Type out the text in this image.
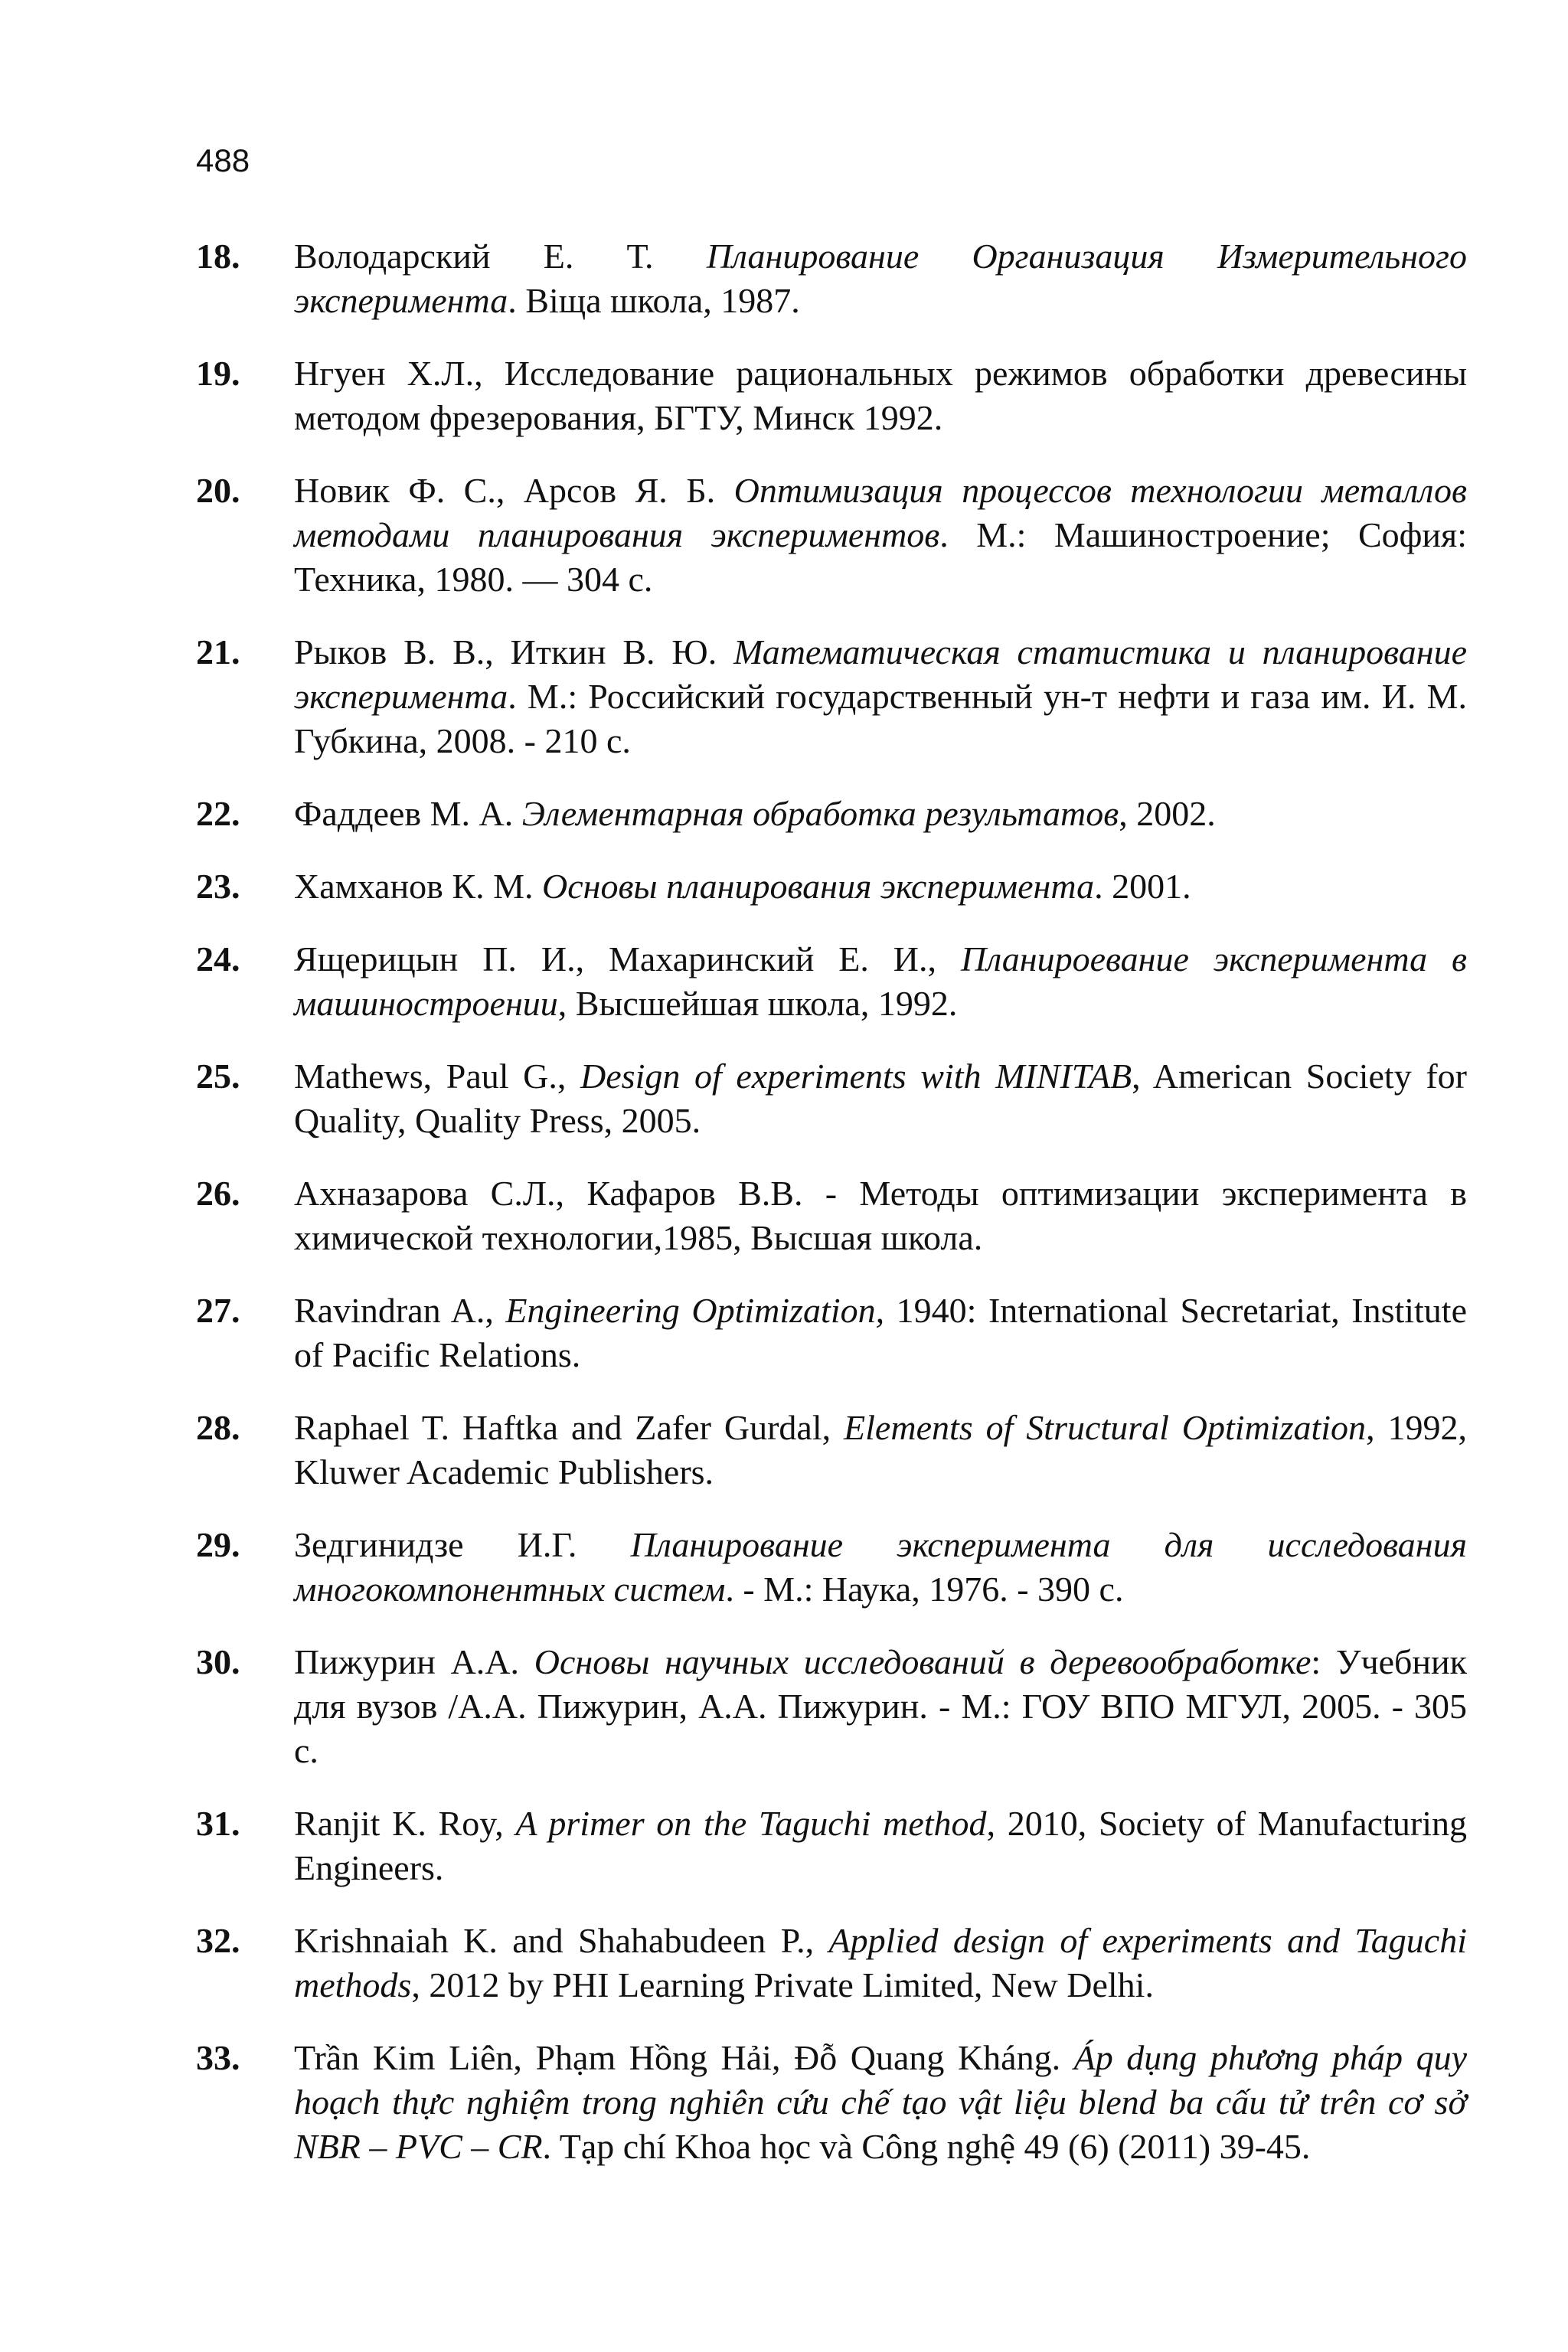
488
18.	Володарский Е. Т. Планирование Организация Измерительного эксперимента. Віща школа, 1987.
19.	Нгуен Х.Л., Исследование рациональных режимов обработки древесины методом фрезерования, БГТУ, Минск 1992.
20.	Новик Ф. С., Арсов Я. Б. Оптимизация процессов технологии металлов методами планирования экспериментов. М.: Машиностроение; София: Техника, 1980. — 304 с.
21.	Рыков В. В., Иткин В. Ю. Математическая статистика и планирование эксперимента. М.: Российский государственный ун-т нефти и газа им. И. М. Губкина, 2008. - 210 с.
22.	Фаддеев М. А. Элементарная обработка результатов, 2002.
23.	Хамханов К. М. Основы планирования эксперимента. 2001.
24.	Ящерицын П. И., Махаринский Е. И., Планироевание эксперимента в машиностроении, Высшейшая школа, 1992.
25.	Mathews, Paul G., Design of experiments with MINITAB, American Society for Quality, Quality Press, 2005.
26.	Ахназарова С.Л., Кафаров В.В. - Методы оптимизации эксперимента в химической технологии,1985, Высшая школа.
27.	Ravindran A., Engineering Optimization, 1940: International Secretariat, Institute of Pacific Relations.
28.	Raphael T. Haftka and Zafer Gurdal, Elements of Structural Optimization, 1992, Kluwer Academic Publishers.
29.	Зедгинидзе И.Г. Планирование эксперимента для исследования многокомпонентных систем. - М.: Наука, 1976. - 390 с.
30.	Пижурин А.А. Основы научных исследований в деревообработке: Учебник для вузов /А.А. Пижурин, А.А. Пижурин. - М.: ГОУ ВПО МГУЛ, 2005. - 305 с.
31.	Ranjit K. Roy, A primer on the Taguchi method, 2010, Society of Manufacturing Engineers.
32.	Krishnaiah K. and Shahabudeen P., Applied design of experiments and Taguchi methods, 2012 by PHI Learning Private Limited, New Delhi.
33.	Trần Kim Liên, Phạm Hồng Hải, Đỗ Quang Kháng. Áp dụng phương pháp quy hoạch thực nghiệm trong nghiên cứu chế tạo vật liệu blend ba cấu tử trên cơ sở NBR – PVC – CR. Tạp chí Khoa học và Công nghệ 49 (6) (2011) 39-45.
